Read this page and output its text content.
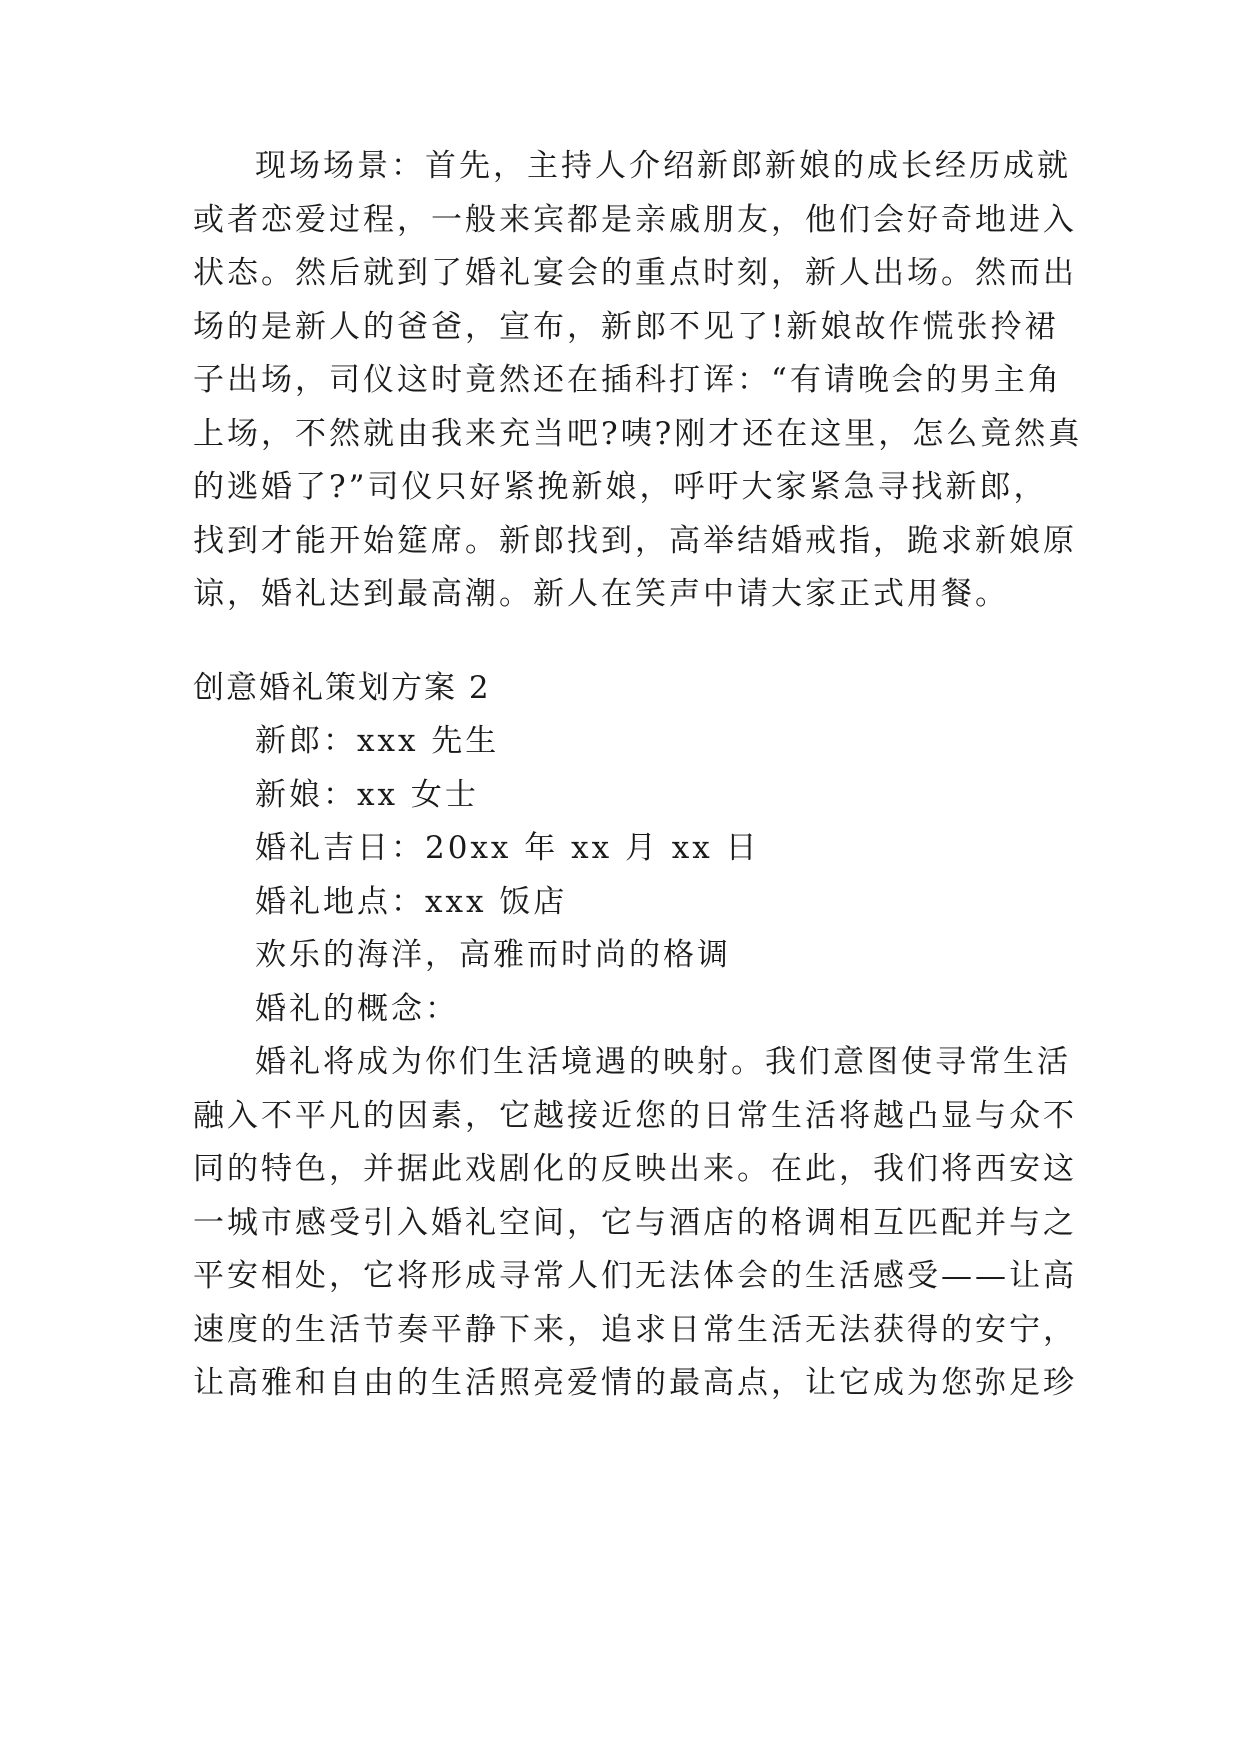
现场场景：首先，主持人介绍新郎新娘的成长经历成就
或者恋爱过程，一般来宾都是亲戚朋友，他们会好奇地进入
状态。然后就到了婚礼宴会的重点时刻，新人出场。然而出
场的是新人的爸爸，宣布，新郎不见了!新娘故作慌张拎裙
子出场，司仪这时竟然还在插科打诨：“有请晚会的男主角
上场，不然就由我来充当吧?咦?刚才还在这里，怎么竟然真
的逃婚了?”司仪只好紧挽新娘，呼吁大家紧急寻找新郎，
找到才能开始筵席。新郎找到，高举结婚戒指，跪求新娘原
谅，婚礼达到最高潮。新人在笑声中请大家正式用餐。
创意婚礼策划方案 2
新郎：xxx 先生
新娘：xx 女士
婚礼吉日：20xx 年 xx 月 xx 日
婚礼地点：xxx 饭店
欢乐的海洋，高雅而时尚的格调
婚礼的概念：
婚礼将成为你们生活境遇的映射。我们意图使寻常生活
融入不平凡的因素，它越接近您的日常生活将越凸显与众不
同的特色，并据此戏剧化的反映出来。在此，我们将西安这
一城市感受引入婚礼空间，它与酒店的格调相互匹配并与之
平安相处，它将形成寻常人们无法体会的生活感受——让高
速度的生活节奏平静下来，追求日常生活无法获得的安宁，
让高雅和自由的生活照亮爱情的最高点，让它成为您弥足珍
